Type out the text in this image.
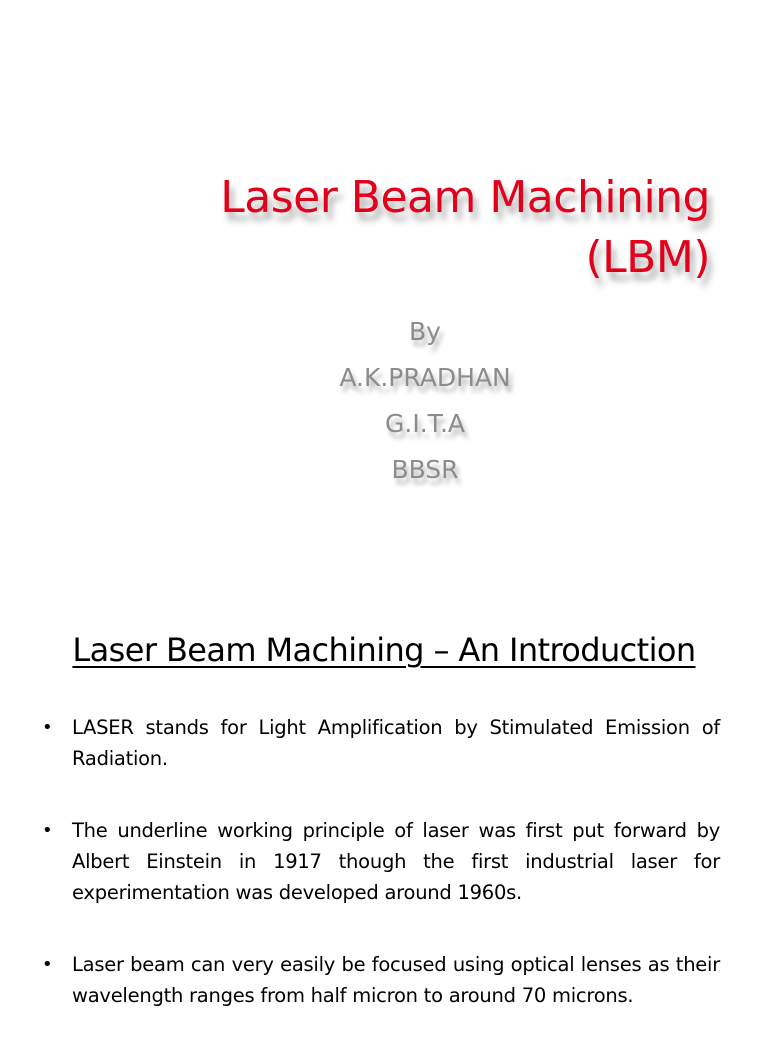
Laser Beam Machining
(LBM)
By
A.K.PRADHAN
G.I.T.A
BBSR
Laser Beam Machining – An Introduction
• LASER stands for Light Amplification by Stimulated Emission of Radiation.
• The underline working principle of laser was first put forward by Albert Einstein in 1917 though the first industrial laser for experimentation was developed around 1960s.
• Laser beam can very easily be focused using optical lenses as their wavelength ranges from half micron to around 70 microns.
